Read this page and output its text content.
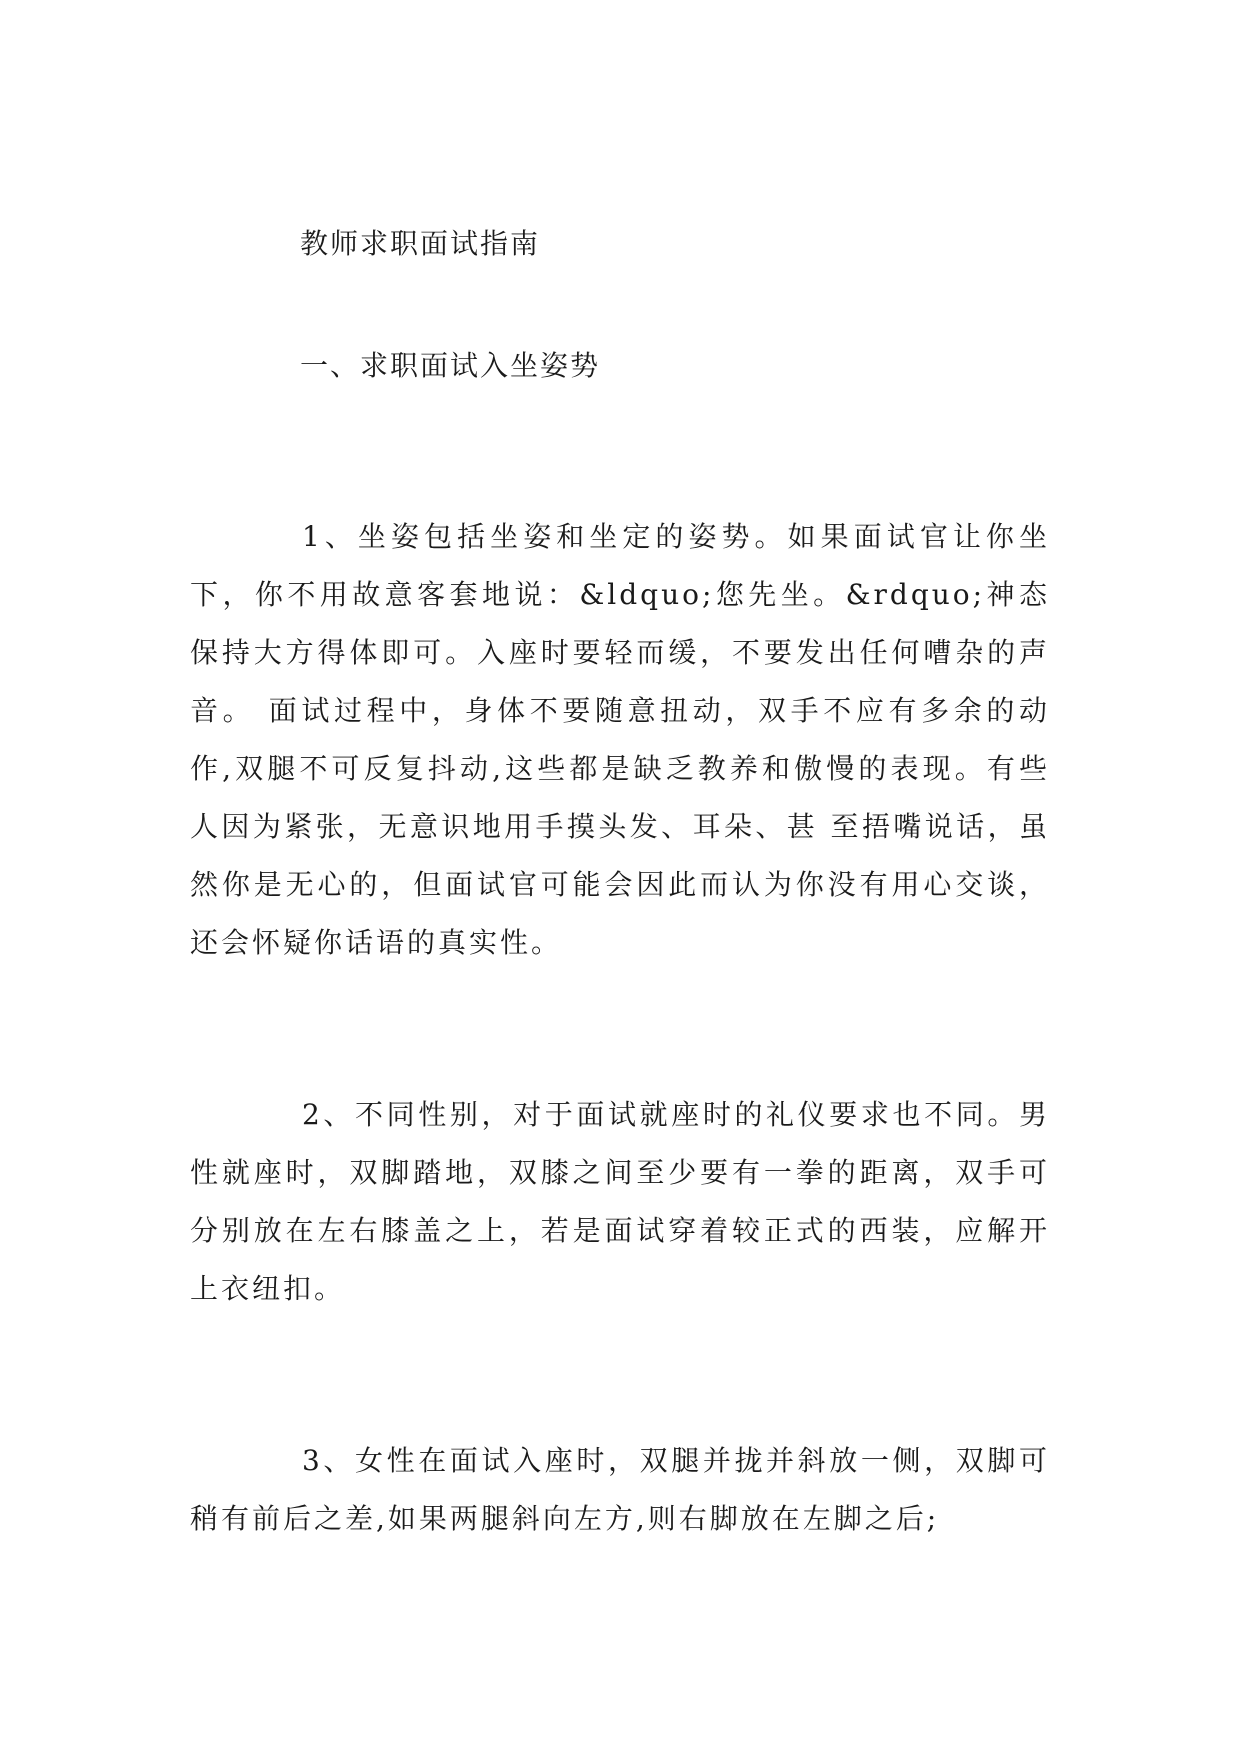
教师求职面试指南
一、求职面试入坐姿势

1、坐姿包括坐姿和坐定的姿势。如果面试官让你坐下，你不用故意客套地说：&ldquo;您先坐。&rdquo;神态保持大方得体即可。入座时要轻而缓，不要发出任何嘈杂的声音。 面试过程中，身体不要随意扭动，双手不应有多余的动作,双腿不可反复抖动,这些都是缺乏教养和傲慢的表现。有些人因为紧张，无意识地用手摸头发、耳朵、甚 至捂嘴说话，虽然你是无心的，但面试官可能会因此而认为你没有用心交谈，还会怀疑你话语的真实性。

2、不同性别，对于面试就座时的礼仪要求也不同。男性就座时，双脚踏地，双膝之间至少要有一拳的距离，双手可分别放在左右膝盖之上，若是面试穿着较正式的西装，应解开上衣纽扣。

3、女性在面试入座时，双腿并拢并斜放一侧，双脚可稍有前后之差,如果两腿斜向左方,则右脚放在左脚之后;
